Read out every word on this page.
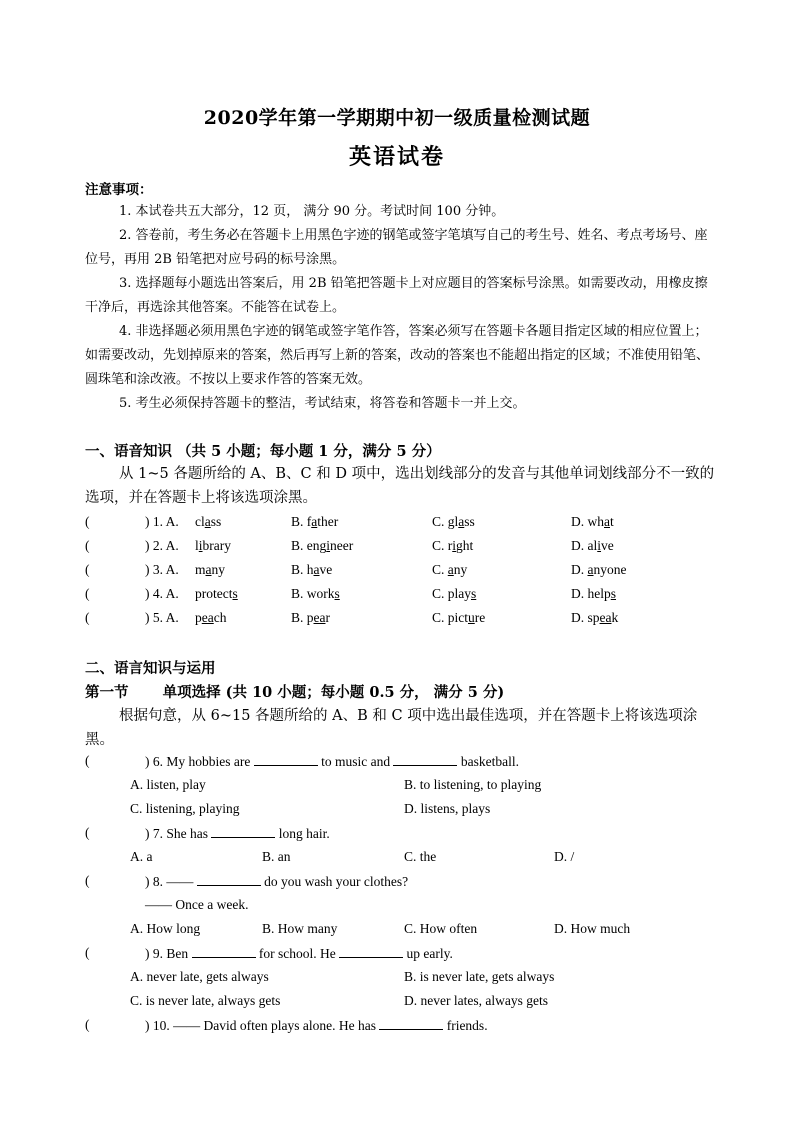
2020学年第一学期期中初一级质量检测试题
英语试卷
注意事项：

1. 本试卷共五大部分，12 页， 满分 90 分。考试时间 100 分钟。

2. 答卷前，考生务必在答题卡上用黑色字迹的钢笔或签字笔填写自己的考生号、姓名、考点考场号、座位号，再用 2B 铅笔把对应号码的标号涂黑。

3. 选择题每小题选出答案后，用 2B 铅笔把答题卡上对应题目的答案标号涂黑。如需要改动，用橡皮擦干净后，再选涂其他答案。不能答在试卷上。

4. 非选择题必须用黑色字迹的钢笔或签字笔作答，答案必须写在答题卡各题目指定区域的相应位置上；如需要改动，先划掉原来的答案，然后再写上新的答案，改动的答案也不能超出指定的区域；不准使用铅笔、圆珠笔和涂改液。不按以上要求作答的答案无效。

5. 考生必须保持答题卡的整洁，考试结束，将答卷和答题卡一并上交。

一、语音知识 （共 5 小题；每小题 1 分，满分 5 分）

从 1~5 各题所给的 A、B、C 和 D 项中，选出划线部分的发音与其他单词划线部分不一致的选项，并在答题卡上将该选项涂黑。

(	) 1. A. class	B. father	C. glass	D. what
(	) 2. A. library	B. engineer	C. right	D. alive
(	) 3. A. many	B. have	C. any	D. anyone
(	) 4. A. protects	B. works	C. plays	D. helps
(	) 5. A. peach	B. pear	C. picture	D. speak
二、语言知识与运用
第一节 单项选择 (共 10 小题；每小题 0.5 分， 满分 5 分)

根据句意，从 6~15 各题所给的 A、B 和 C 项中选出最佳选项，并在答题卡上将该选项涂黑。

(	) 6. My hobbies are	to music and	basketball.
A. listen, play	B. to listening, to playing
C. listening, playing	D. listens, plays
(	) 7. She has	long hair.
A. a	B. an	C. the	D. /
(	) 8. ——	do you wash your clothes?
—— Once a week.
A. How long	B. How many	C. How often	D. How much
(	) 9. Ben	for school. He	up early.
A. never late, gets always	B. is never late, gets always
C. is never late, always gets	D. never lates, always gets
(	) 10. —— David often plays alone. He has	friends.
